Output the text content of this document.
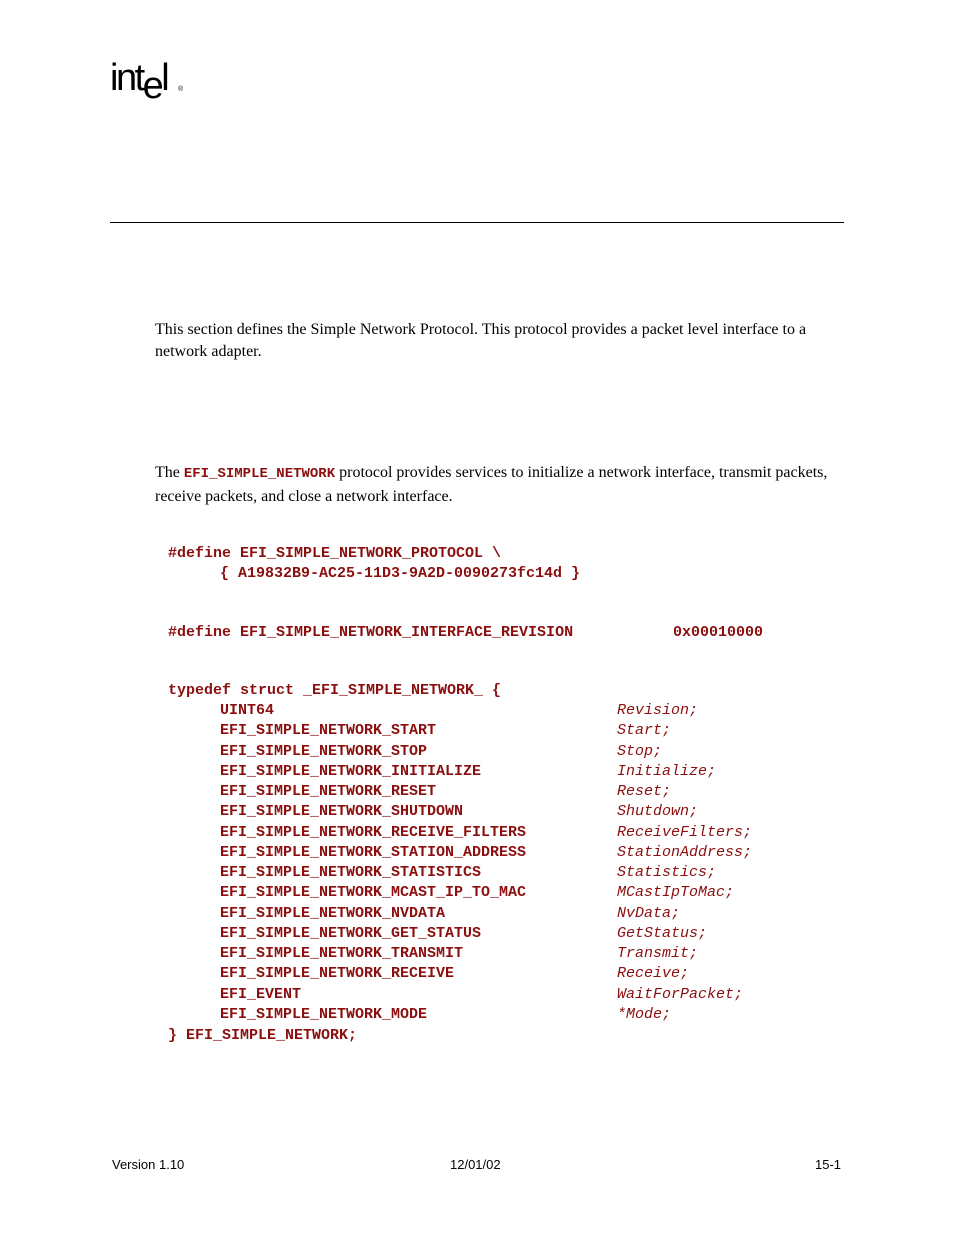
intel ®
This section defines the Simple Network Protocol. This protocol provides a packet level interface to a network adapter.
The EFI_SIMPLE_NETWORK protocol provides services to initialize a network interface, transmit packets, receive packets, and close a network interface.
#define EFI_SIMPLE_NETWORK_PROTOCOL \
{ A19832B9-AC25-11D3-9A2D-0090273fc14d }
#define EFI_SIMPLE_NETWORK_INTERFACE_REVISION	0x00010000
typedef struct _EFI_SIMPLE_NETWORK_ {
UINT64	Revision;
EFI_SIMPLE_NETWORK_START	Start;
EFI_SIMPLE_NETWORK_STOP	Stop;
EFI_SIMPLE_NETWORK_INITIALIZE	Initialize;
EFI_SIMPLE_NETWORK_RESET	Reset;
EFI_SIMPLE_NETWORK_SHUTDOWN	Shutdown;
EFI_SIMPLE_NETWORK_RECEIVE_FILTERS	ReceiveFilters;
EFI_SIMPLE_NETWORK_STATION_ADDRESS	StationAddress;
EFI_SIMPLE_NETWORK_STATISTICS	Statistics;
EFI_SIMPLE_NETWORK_MCAST_IP_TO_MAC	MCastIpToMac;
EFI_SIMPLE_NETWORK_NVDATA	NvData;
EFI_SIMPLE_NETWORK_GET_STATUS	GetStatus;
EFI_SIMPLE_NETWORK_TRANSMIT	Transmit;
EFI_SIMPLE_NETWORK_RECEIVE	Receive;
EFI_EVENT	WaitForPacket;
EFI_SIMPLE_NETWORK_MODE	*Mode;
} EFI_SIMPLE_NETWORK;
Version 1.10	12/01/02	15-1
